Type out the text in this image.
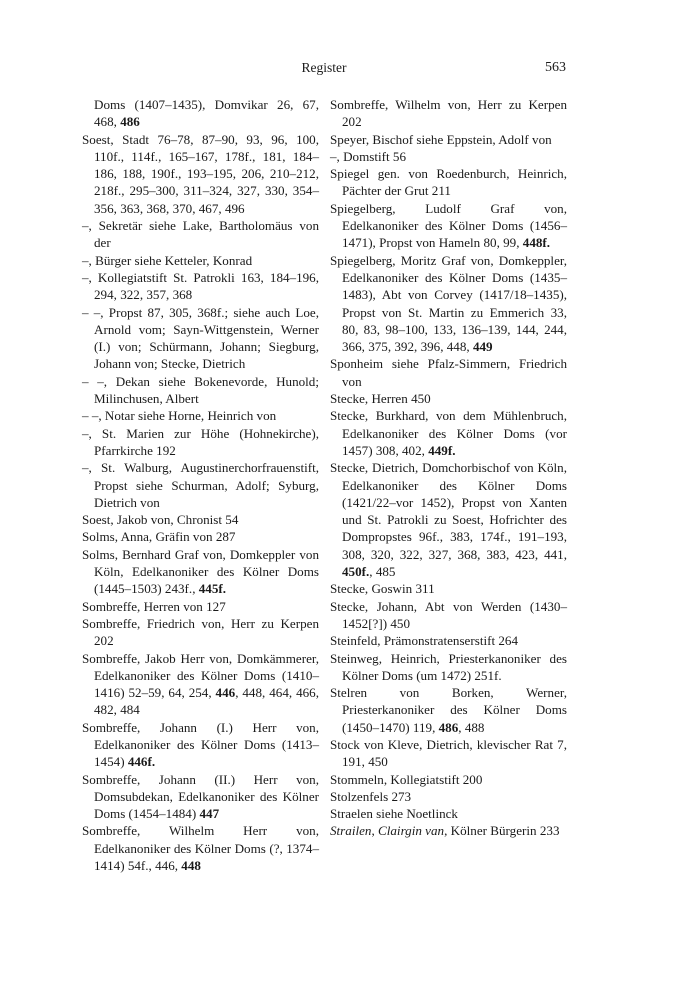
Register	563
Doms (1407–1435), Domvikar 26, 67, 468, 486
Soest, Stadt 76–78, 87–90, 93, 96, 100, 110f., 114f., 165–167, 178f., 181, 184–186, 188, 190f., 193–195, 206, 210–212, 218f., 295–300, 311–324, 327, 330, 354–356, 363, 368, 370, 467, 496
–, Sekretär siehe Lake, Bartholomäus von der
–, Bürger siehe Ketteler, Konrad
–, Kollegiatstift St. Patrokli 163, 184–196, 294, 322, 357, 368
– –, Propst 87, 305, 368f.; siehe auch Loe, Arnold vom; Sayn-Wittgenstein, Werner (I.) von; Schürmann, Johann; Siegburg, Johann von; Stecke, Dietrich
– –, Dekan siehe Bokenevorde, Hunold; Milinchusen, Albert
– –, Notar siehe Horne, Heinrich von
–, St. Marien zur Höhe (Hohnekirche), Pfarrkirche 192
–, St. Walburg, Augustinerchorfrauenstift, Propst siehe Schurman, Adolf; Syburg, Dietrich von
Soest, Jakob von, Chronist 54
Solms, Anna, Gräfin von 287
Solms, Bernhard Graf von, Domkeppler von Köln, Edelkanoniker des Kölner Doms (1445–1503) 243f., 445f.
Sombreffe, Herren von 127
Sombreffe, Friedrich von, Herr zu Kerpen 202
Sombreffe, Jakob Herr von, Domkämmerer, Edelkanoniker des Kölner Doms (1410–1416) 52–59, 64, 254, 446, 448, 464, 466, 482, 484
Sombreffe, Johann (I.) Herr von, Edelkanoniker des Kölner Doms (1413–1454) 446f.
Sombreffe, Johann (II.) Herr von, Domsubdekan, Edelkanoniker des Kölner Doms (1454–1484) 447
Sombreffe, Wilhelm Herr von, Edelkanoniker des Kölner Doms (?, 1374–1414) 54f., 446, 448
Sombreffe, Wilhelm von, Herr zu Kerpen 202
Speyer, Bischof siehe Eppstein, Adolf von
–, Domstift 56
Spiegel gen. von Roedenburch, Heinrich, Pächter der Grut 211
Spiegelberg, Ludolf Graf von, Edelkanoniker des Kölner Doms (1456–1471), Propst von Hameln 80, 99, 448f.
Spiegelberg, Moritz Graf von, Domkeppler, Edelkanoniker des Kölner Doms (1435–1483), Abt von Corvey (1417/18–1435), Propst von St. Martin zu Emmerich 33, 80, 83, 98–100, 133, 136–139, 144, 244, 366, 375, 392, 396, 448, 449
Sponheim siehe Pfalz-Simmern, Friedrich von
Stecke, Herren 450
Stecke, Burkhard, von dem Mühlenbruch, Edelkanoniker des Kölner Doms (vor 1457) 308, 402, 449f.
Stecke, Dietrich, Domchorbischof von Köln, Edelkanoniker des Kölner Doms (1421/22–vor 1452), Propst von Xanten und St. Patrokli zu Soest, Hofrichter des Dompropstes 96f., 383, 174f., 191–193, 308, 320, 322, 327, 368, 383, 423, 441, 450f., 485
Stecke, Goswin 311
Stecke, Johann, Abt von Werden (1430–1452[?]) 450
Steinfeld, Prämonstratenserstift 264
Steinweg, Heinrich, Priesterkanoniker des Kölner Doms (um 1472) 251f.
Stelren von Borken, Werner, Priesterkanoniker des Kölner Doms (1450–1470) 119, 486, 488
Stock von Kleve, Dietrich, klevischer Rat 7, 191, 450
Stommeln, Kollegiatstift 200
Stolzenfels 273
Straelen siehe Noetlinck
Strailen, Clairgin van, Kölner Bürgerin 233
